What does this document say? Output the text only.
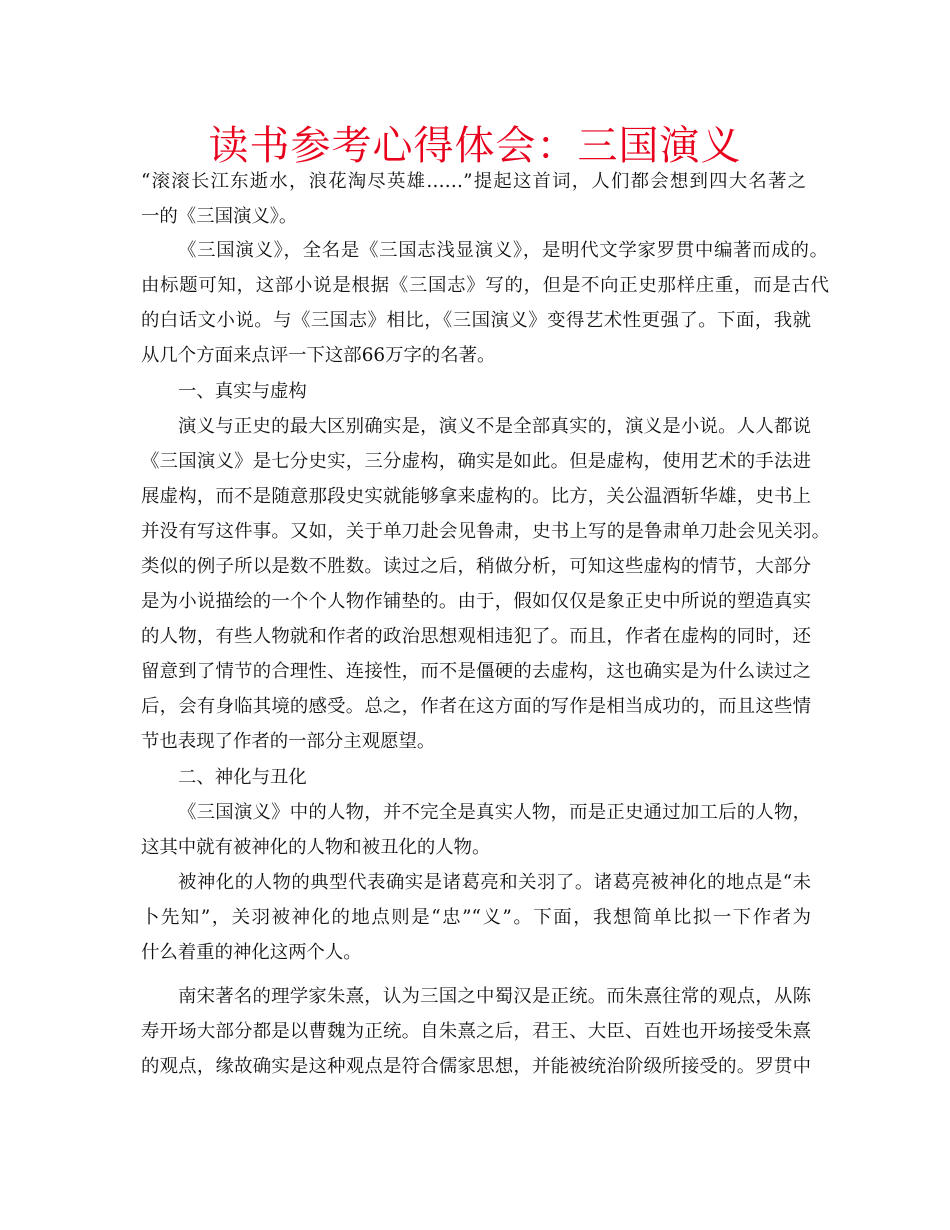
读书参考心得体会：三国演义
“滚滚长江东逝水，浪花淘尽英雄……”提起这首词，人们都会想到四大名著之
一的《三国演义》。
《三国演义》，全名是《三国志浅显演义》，是明代文学家罗贯中编著而成的。
由标题可知，这部小说是根据《三国志》写的，但是不向正史那样庄重，而是古代
的白话文小说。与《三国志》相比，《三国演义》变得艺术性更强了。下面，我就
从几个方面来点评一下这部66万字的名著。
一、真实与虚构
演义与正史的最大区别确实是，演义不是全部真实的，演义是小说。人人都说
《三国演义》是七分史实，三分虚构，确实是如此。但是虚构，使用艺术的手法进
展虚构，而不是随意那段史实就能够拿来虚构的。比方，关公温酒斩华雄，史书上
并没有写这件事。又如，关于单刀赴会见鲁肃，史书上写的是鲁肃单刀赴会见关羽。
类似的例子所以是数不胜数。读过之后，稍做分析，可知这些虚构的情节，大部分
是为小说描绘的一个个人物作铺垫的。由于，假如仅仅是象正史中所说的塑造真实
的人物，有些人物就和作者的政治思想观相违犯了。而且，作者在虚构的同时，还
留意到了情节的合理性、连接性，而不是僵硬的去虚构，这也确实是为什么读过之
后，会有身临其境的感受。总之，作者在这方面的写作是相当成功的，而且这些情
节也表现了作者的一部分主观愿望。
二、神化与丑化
《三国演义》中的人物，并不完全是真实人物，而是正史通过加工后的人物，
这其中就有被神化的人物和被丑化的人物。
被神化的人物的典型代表确实是诸葛亮和关羽了。诸葛亮被神化的地点是“未
卜先知”，关羽被神化的地点则是“忠”“义”。下面，我想简单比拟一下作者为
什么着重的神化这两个人。
南宋著名的理学家朱熹，认为三国之中蜀汉是正统。而朱熹往常的观点，从陈
寿开场大部分都是以曹魏为正统。自朱熹之后，君王、大臣、百姓也开场接受朱熹
的观点，缘故确实是这种观点是符合儒家思想，并能被统治阶级所接受的。罗贯中
